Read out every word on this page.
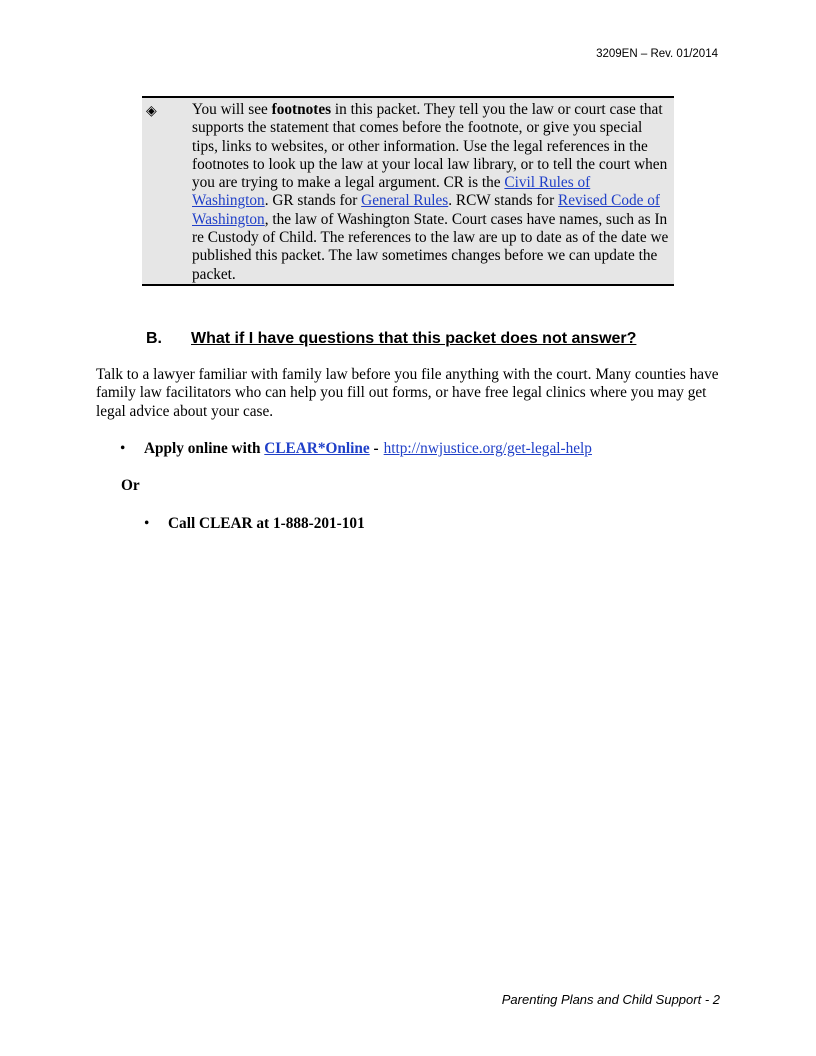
3209EN – Rev. 01/2014
◈ You will see footnotes in this packet. They tell you the law or court case that supports the statement that comes before the footnote, or give you special tips, links to websites, or other information. Use the legal references in the footnotes to look up the law at your local law library, or to tell the court when you are trying to make a legal argument. CR is the Civil Rules of Washington. GR stands for General Rules. RCW stands for Revised Code of Washington, the law of Washington State. Court cases have names, such as In re Custody of Child. The references to the law are up to date as of the date we published this packet. The law sometimes changes before we can update the packet.
B. What if I have questions that this packet does not answer?
Talk to a lawyer familiar with family law before you file anything with the court. Many counties have family law facilitators who can help you fill out forms, or have free legal clinics where you may get legal advice about your case.
• Apply online with CLEAR*Online - http://nwjustice.org/get-legal-help
Or
• Call CLEAR at 1-888-201-101
Parenting Plans and Child Support - 2
